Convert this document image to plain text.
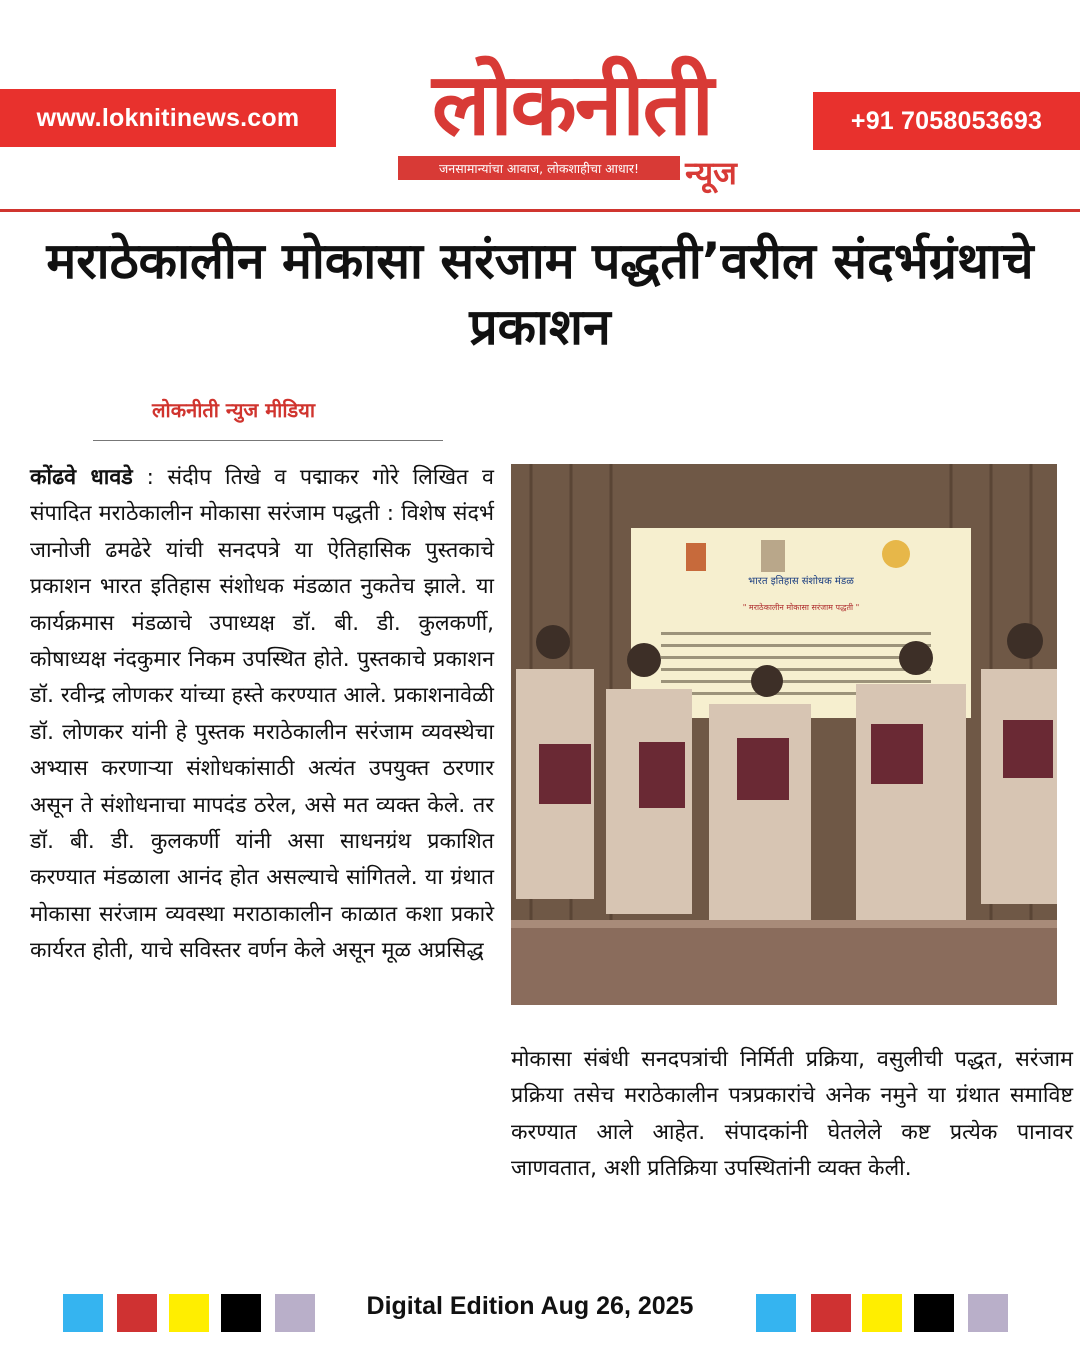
www.loknitinews.com	लोकनीती
जनसामान्यांचा आवाज, लोकशाहीचा आधार!	न्यूज
+91 7058053693
मराठेकालीन मोकासा सरंजाम पद्धती’वरील संदर्भग्रंथाचे प्रकाशन
लोकनीती न्युज मीडिया

कोंढवे धावडे : संदीप तिखे व पद्माकर गोरे लिखित व संपादित मराठेकालीन मोकासा सरंजाम पद्धती : विशेष संदर्भ जानोजी ढमढेरे यांची सनदपत्रे या ऐतिहासिक पुस्तकाचे प्रकाशन भारत इतिहास संशोधक मंडळात नुकतेच झाले. या कार्यक्रमास मंडळाचे उपाध्यक्ष डॉ. बी. डी. कुलकर्णी, कोषाध्यक्ष नंदकुमार निकम उपस्थित होते. पुस्तकाचे प्रकाशन डॉ. रवीन्द्र लोणकर यांच्या हस्ते करण्यात आले. प्रकाशनावेळी डॉ. लोणकर यांनी हे पुस्तक मराठेकालीन सरंजाम व्यवस्थेचा अभ्यास करणाऱ्या संशोधकांसाठी अत्यंत उपयुक्त ठरणार असून ते संशोधनाचा मापदंड ठरेल, असे मत व्यक्त केले. तर डॉ. बी. डी. कुलकर्णी यांनी असा साधनग्रंथ प्रकाशित करण्यात मंडळाला आनंद होत असल्याचे सांगितले. या ग्रंथात मोकासा सरंजाम व्यवस्था मराठाकालीन काळात कशा प्रकारे कार्यरत होती, याचे सविस्तर वर्णन केले असून मूळ अप्रसिद्ध

भारत इतिहास संशोधक मंडळ
" मराठेकालीन मोकासा सरंजाम पद्धती "

मोकासा संबंधी सनदपत्रांची निर्मिती प्रक्रिया, वसुलीची पद्धत, सरंजाम प्रक्रिया तसेच मराठेकालीन पत्रप्रकारांचे अनेक नमुने या ग्रंथात समाविष्ट करण्यात आले आहेत. संपादकांनी घेतलेले कष्ट प्रत्येक पानावर जाणवतात, अशी प्रतिक्रिया उपस्थितांनी व्यक्त केली.

Digital Edition Aug 26, 2025
